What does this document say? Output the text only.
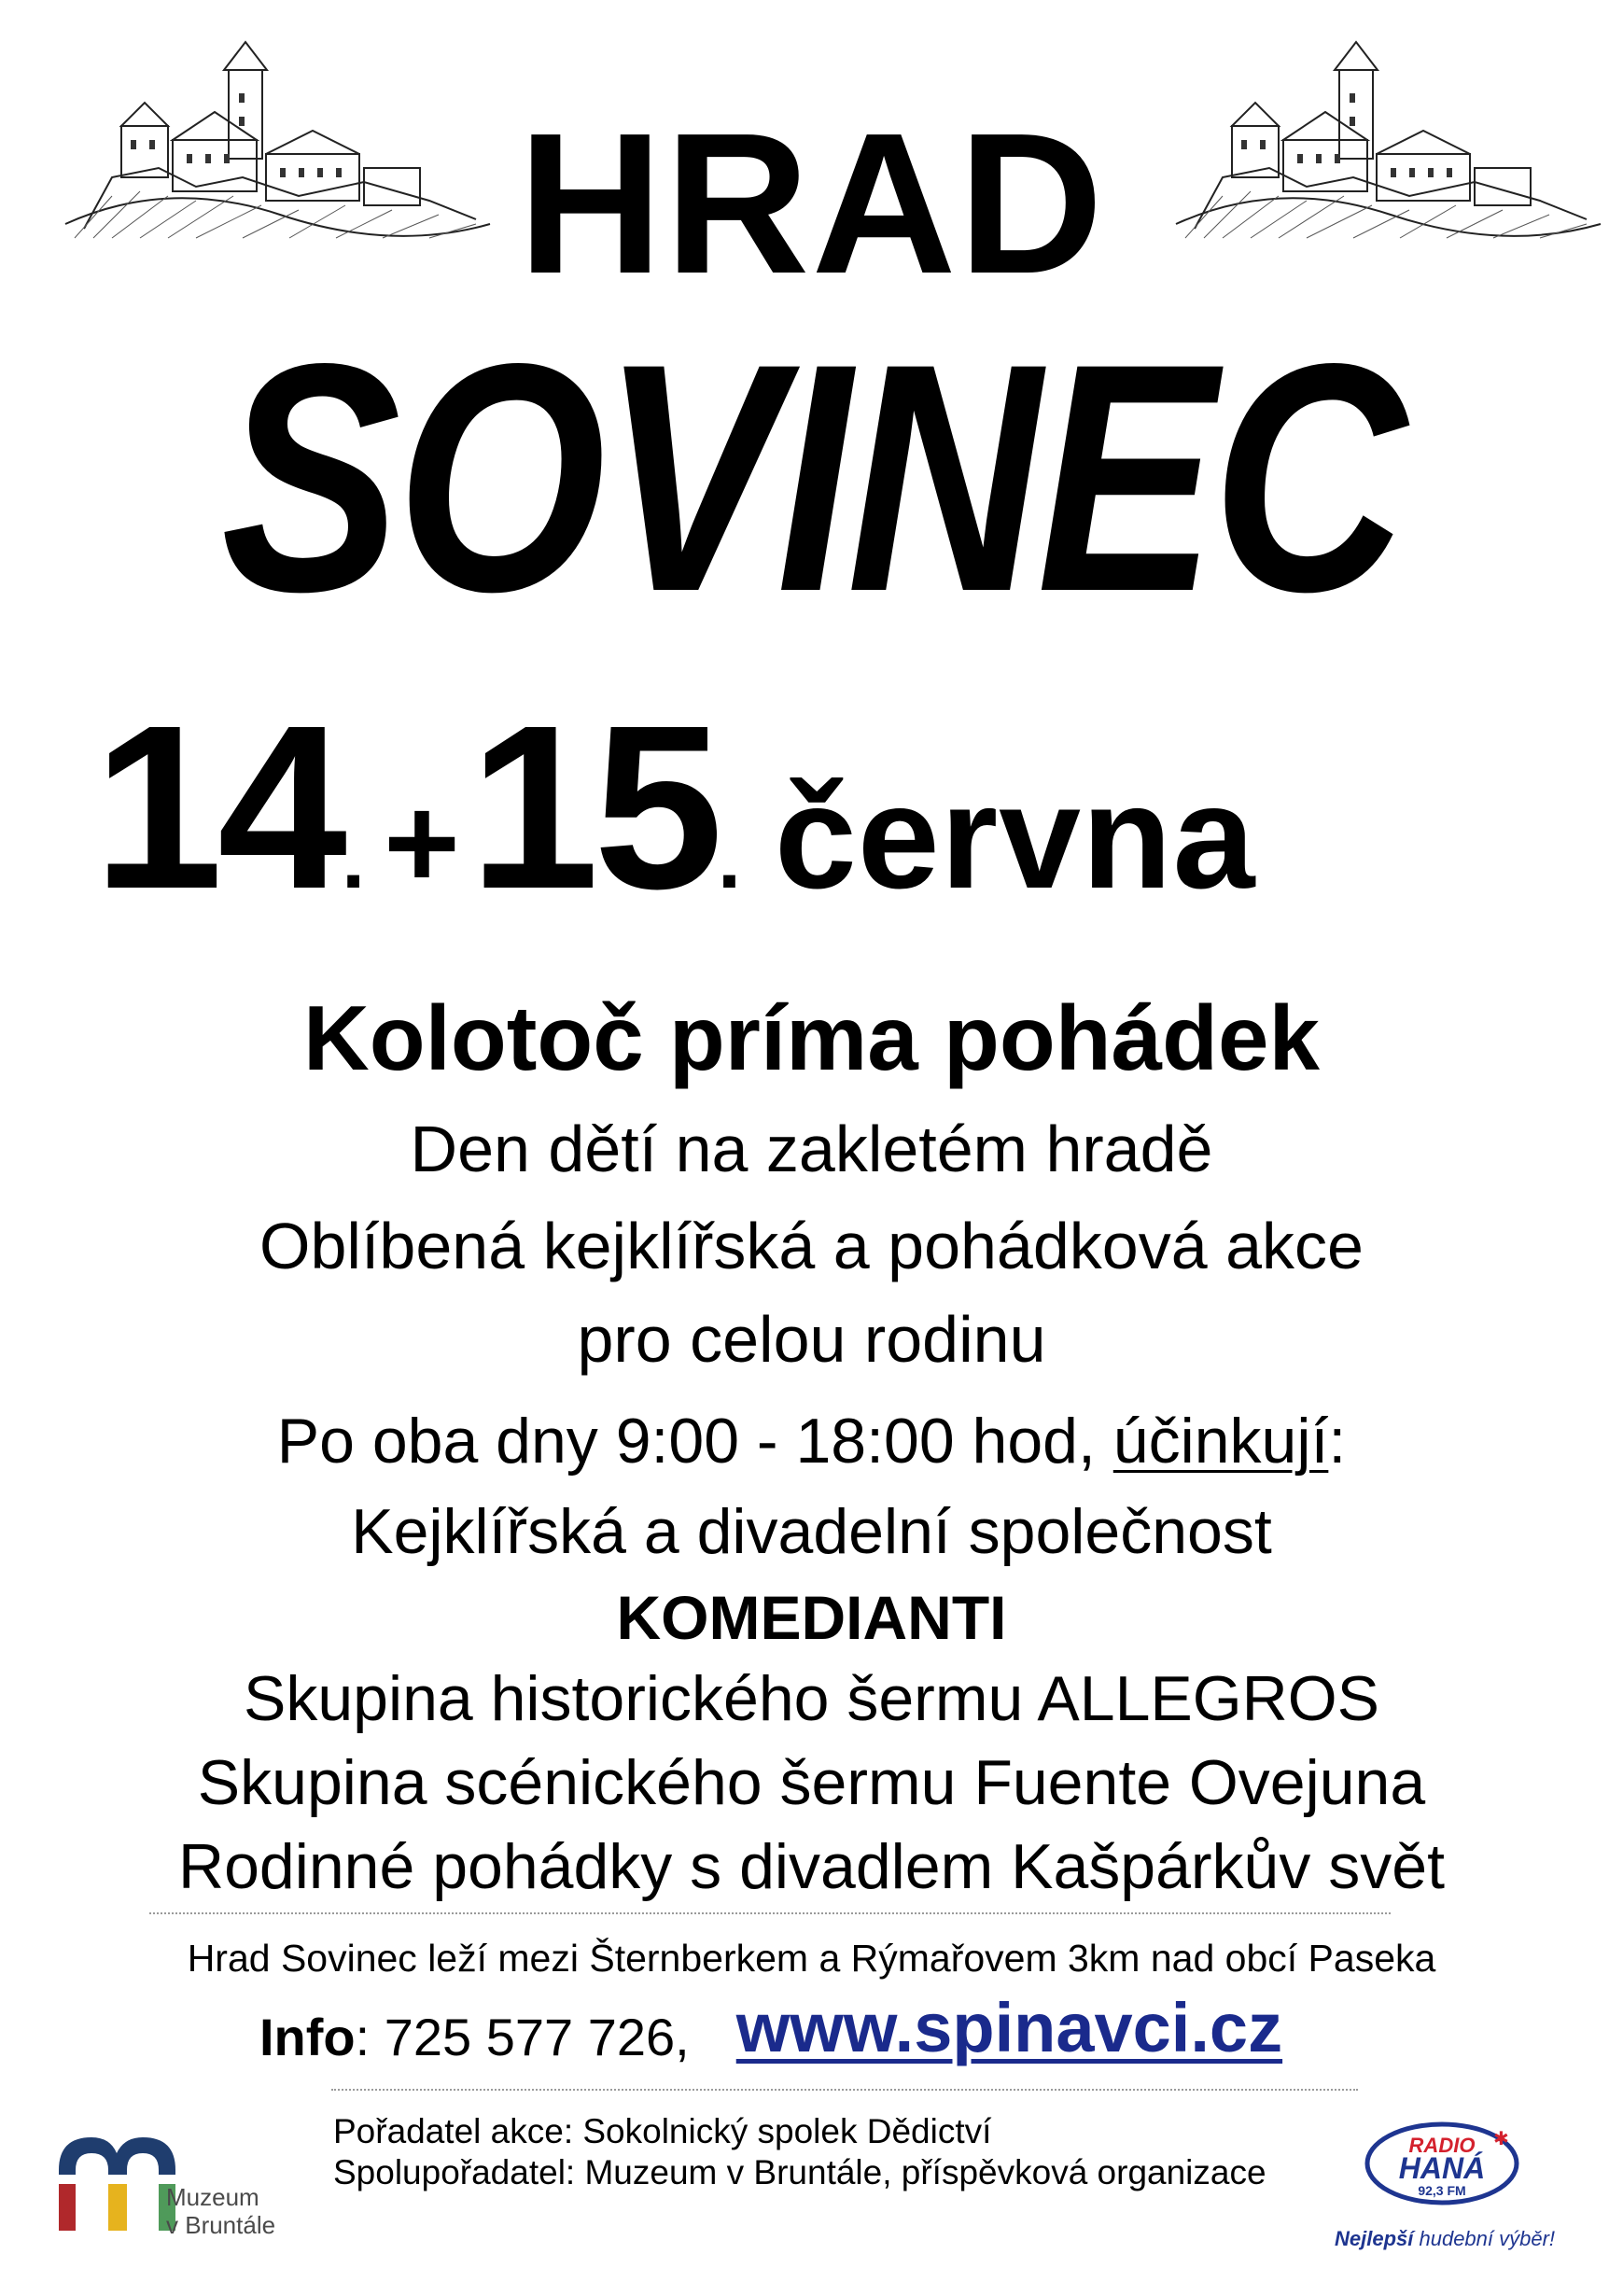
HRAD
SOVINEC
14. +15. června
Kolotoč príma pohádek
Den dětí na zakletém hradě
Oblíbená kejklířská a pohádková akce
pro celou rodinu
Po oba dny 9:00 - 18:00 hod, účinkují:
Kejklířská a divadelní společnost
KOMEDIANTI
Skupina historického šermu ALLEGROS
Skupina scénického šermu Fuente Ovejuna
Rodinné pohádky s divadlem Kašpárkův svět
Hrad Sovinec leží mezi Šternberkem a Rýmařovem 3km nad obcí Paseka
Info: 725 577 726, www.spinavci.cz
Pořadatel akce: Sokolnický spolek Dědictví
Spolupořadatel: Muzeum v Bruntále, příspěvková organizace
Muzeum
v Bruntále
RADIO
HANÁ
92,3 FM
✱
Nejlepší hudební výběr!
